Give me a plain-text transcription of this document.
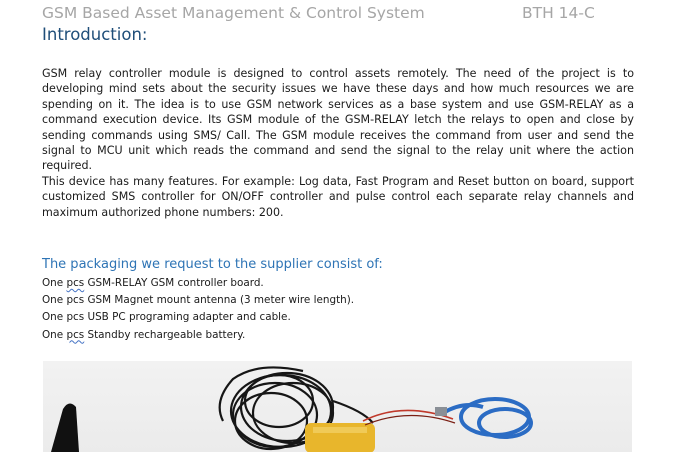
GSM Based Asset Management & Control System	BTH 14-C
Introduction:

GSM relay controller module is designed to control assets remotely. The need of the project is to developing mind sets about the security issues we have these days and how much resources we are spending on it. The idea is to use GSM network services as a base system and use GSM-RELAY as a command execution device. Its GSM module of the GSM-RELAY letch the relays to open and close by sending commands using SMS/ Call. The GSM module receives the command from user and send the signal to MCU unit which reads the command and send the signal to the relay unit where the action required.

This device has many features. For example: Log data, Fast Program and Reset button on board, support customized SMS controller for ON/OFF controller and pulse control each separate relay channels and maximum authorized phone numbers: 200.

The packaging we request to the supplier consist of:
One pcs GSM-RELAY GSM controller board.
One pcs GSM Magnet mount antenna (3 meter wire length).
One pcs USB PC programing adapter and cable.
One pcs Standby rechargeable battery.
